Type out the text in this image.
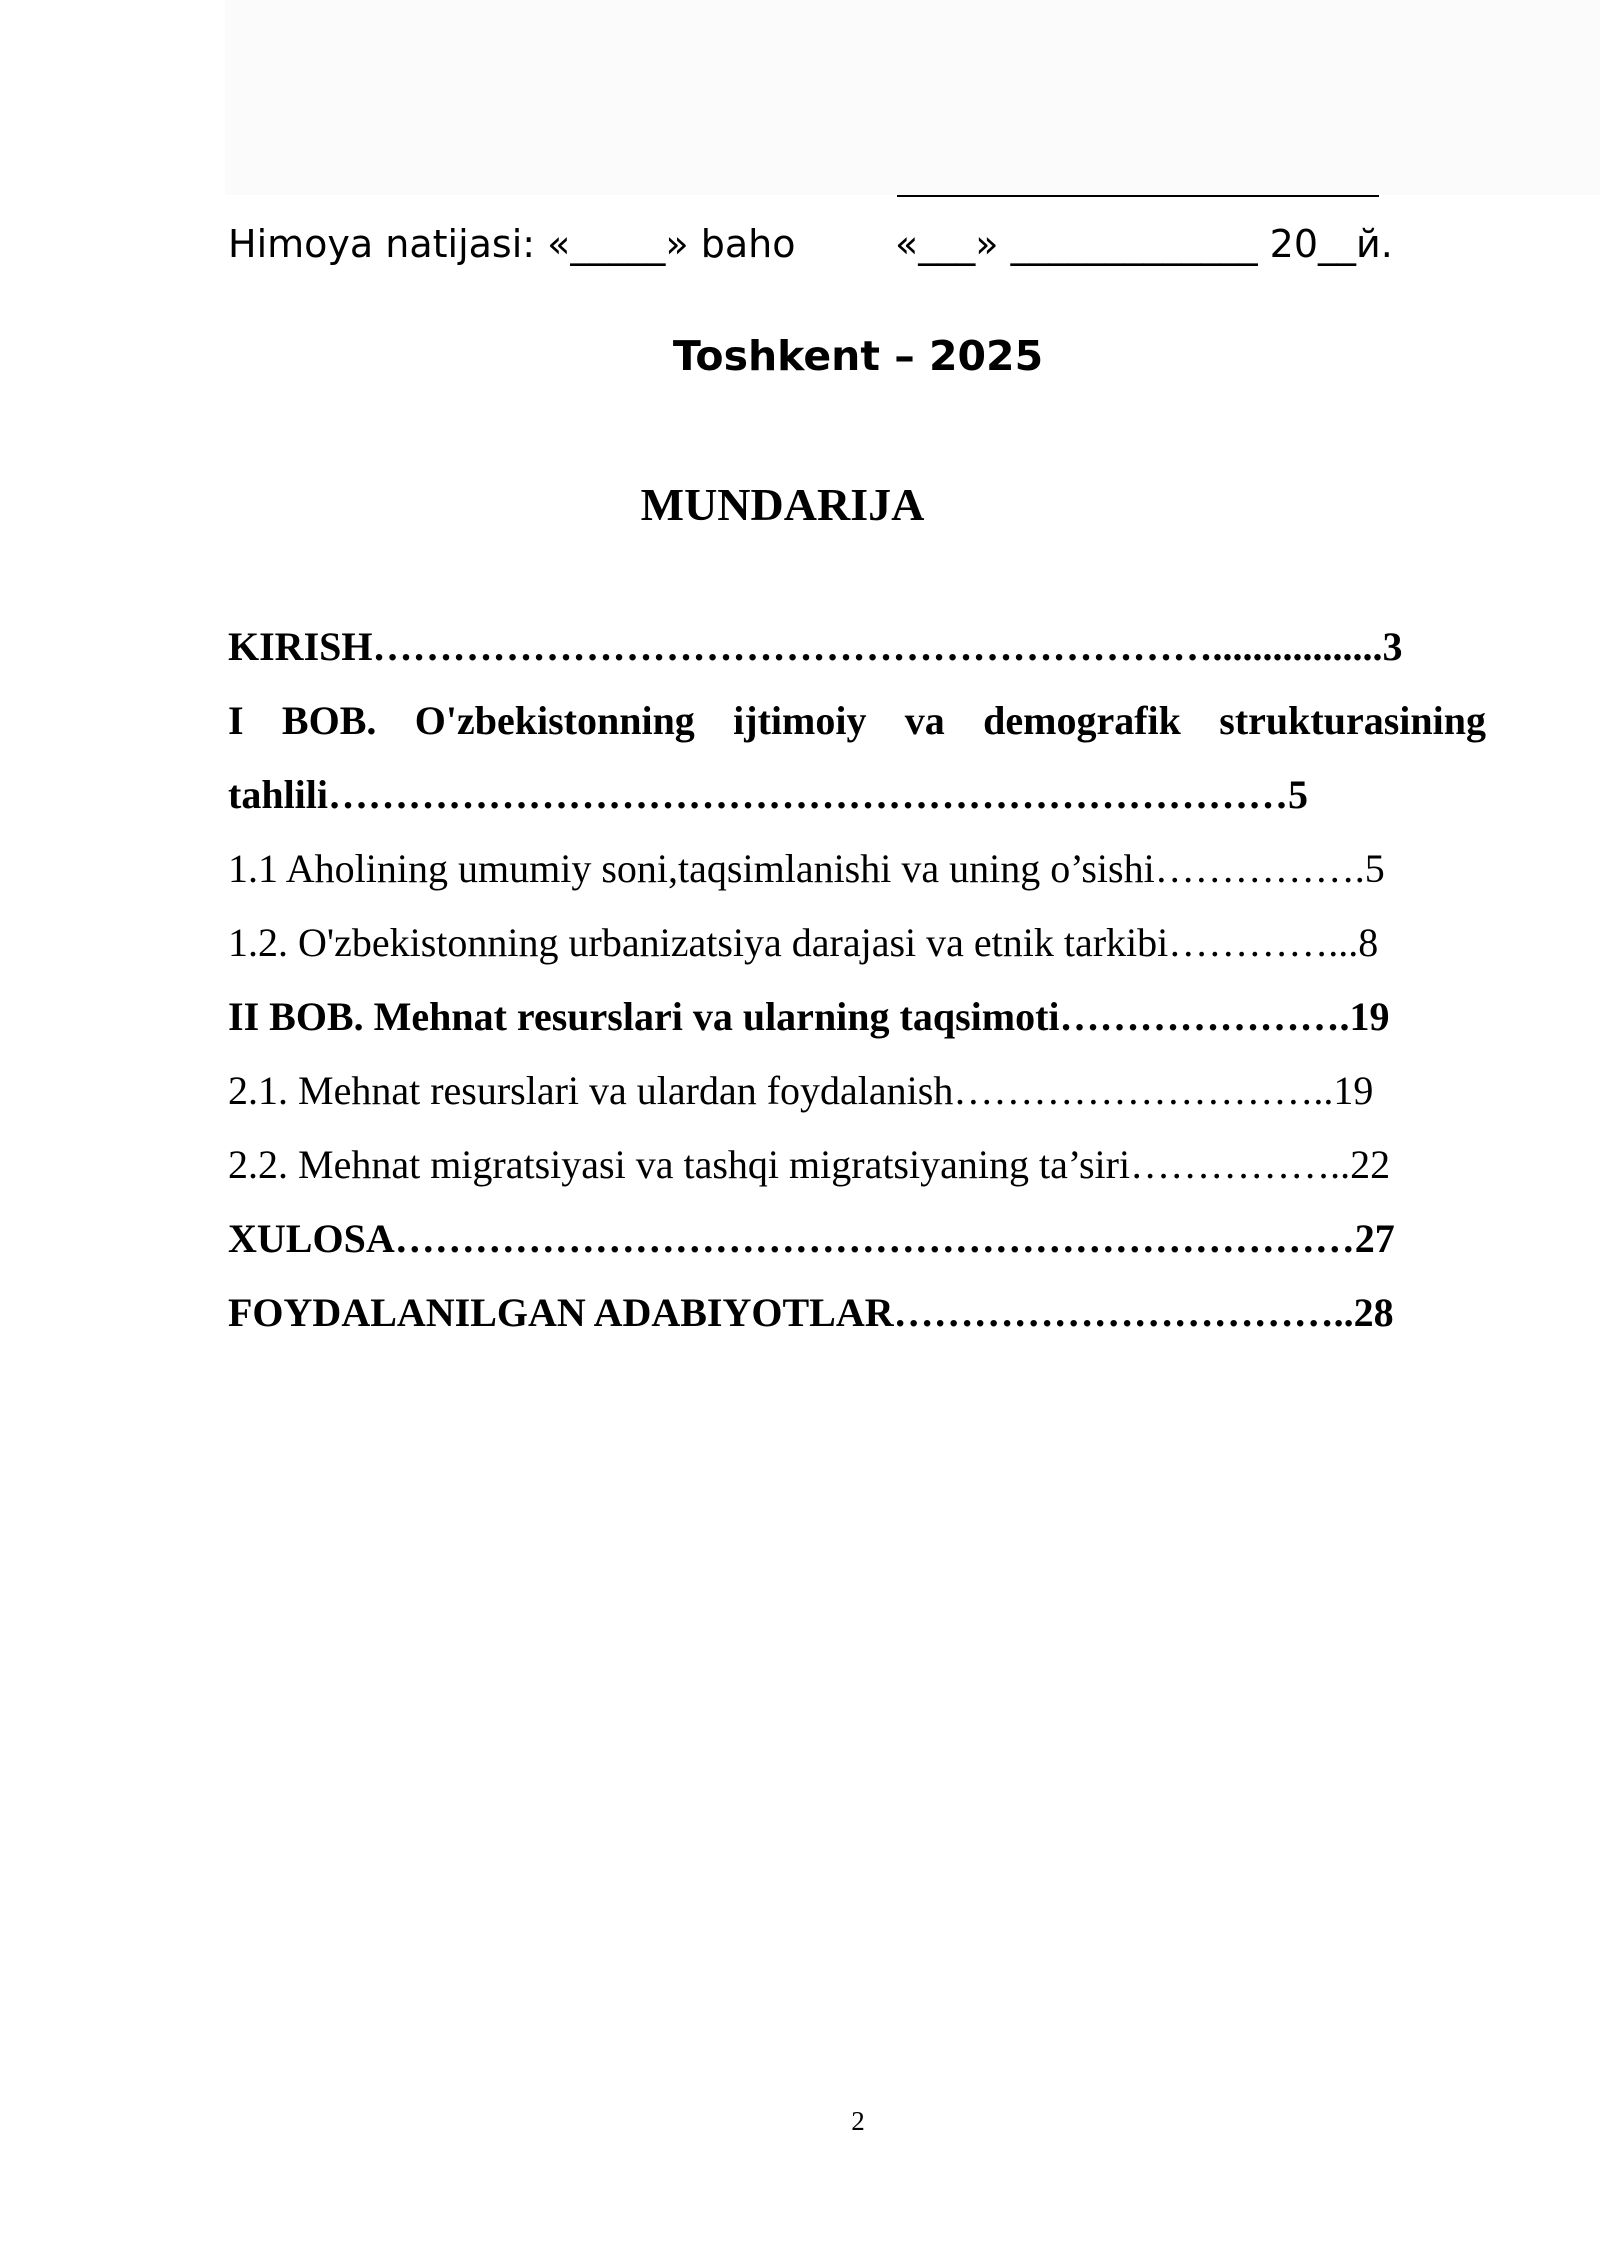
Himoya natijasi: «_____» baho	«___» _____________ 20__й.
Toshkent – 2025
MUNDARIJA
KIRISH……………………………………………………….................3
I BOB. O'zbekistonning ijtimoiy va demografik strukturasining
tahlili………………………………………………………………5
1.1 Aholining umumiy soni,taqsimlanishi va uning o’sishi…………….5
1.2. O'zbekistonning urbanizatsiya darajasi va etnik tarkibi…………...8
II BOB. Mehnat resurslari va ularning taqsimoti………………….19
2.1. Mehnat resurslari va ulardan foydalanish………………………..19
2.2. Mehnat migratsiyasi va tashqi migratsiyaning ta’siri……………..22
XULOSA………………………………………………………………27
FOYDALANILGAN ADABIYOTLAR……………………………..28
2
